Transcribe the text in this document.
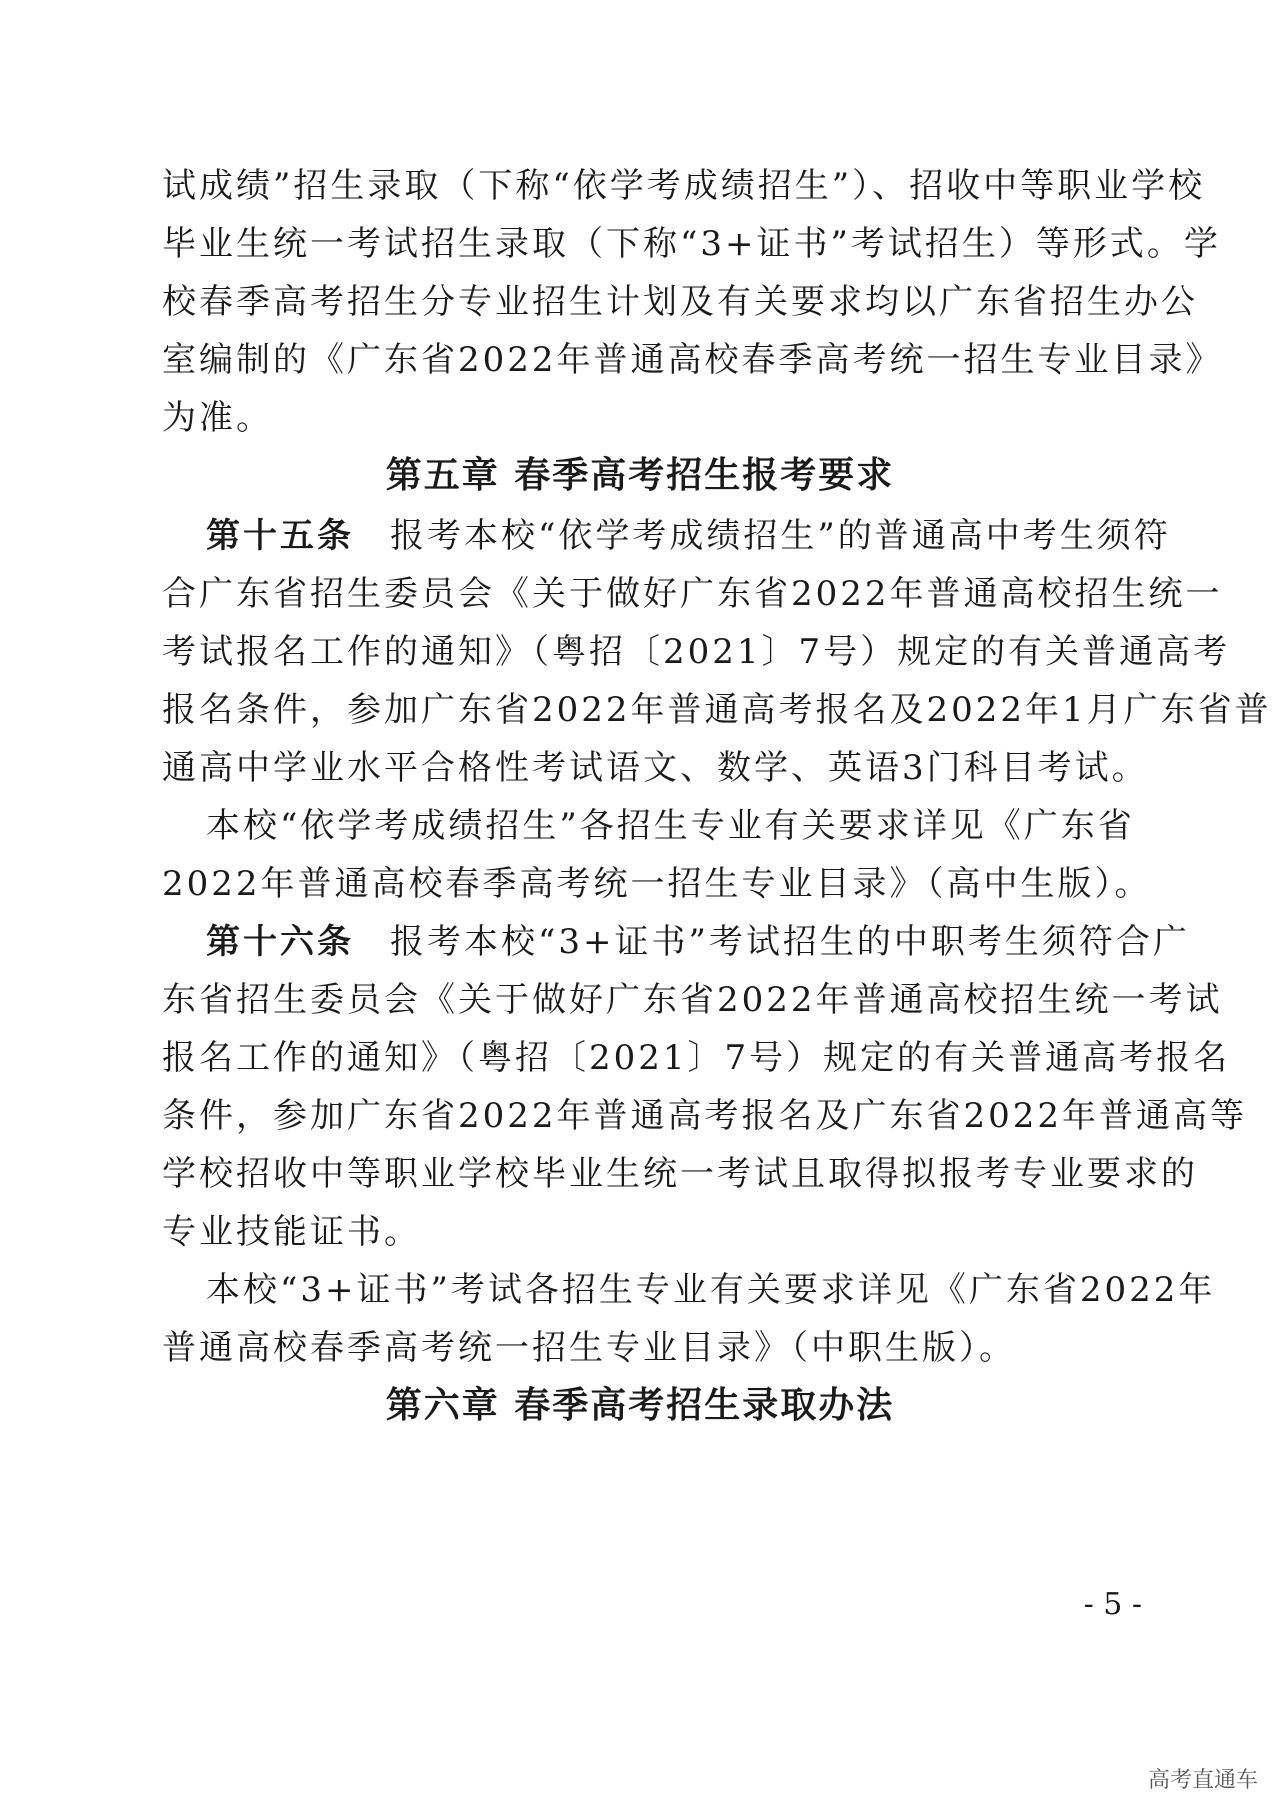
试成绩”招生录取（下称“依学考成绩招生”）、招收中等职业学校
毕业生统一考试招生录取（下称“3+证书”考试招生）等形式。学
校春季高考招生分专业招生计划及有关要求均以广东省招生办公
室编制的《广东省2022年普通高校春季高考统一招生专业目录》
为准。
第五章 春季高考招生报考要求
第十五条 报考本校“依学考成绩招生”的普通高中考生须符
合广东省招生委员会《关于做好广东省2022年普通高校招生统一
考试报名工作的通知》（粤招〔2021〕7号）规定的有关普通高考
报名条件，参加广东省2022年普通高考报名及2022年1月广东省普
通高中学业水平合格性考试语文、数学、英语3门科目考试。
本校“依学考成绩招生”各招生专业有关要求详见《广东省
2022年普通高校春季高考统一招生专业目录》（高中生版）。
第十六条 报考本校“3+证书”考试招生的中职考生须符合广
东省招生委员会《关于做好广东省2022年普通高校招生统一考试
报名工作的通知》（粤招〔2021〕7号）规定的有关普通高考报名
条件，参加广东省2022年普通高考报名及广东省2022年普通高等
学校招收中等职业学校毕业生统一考试且取得拟报考专业要求的
专业技能证书。
本校“3+证书”考试各招生专业有关要求详见《广东省2022年
普通高校春季高考统一招生专业目录》（中职生版）。
第六章 春季高考招生录取办法
- 5 -
高考直通车
